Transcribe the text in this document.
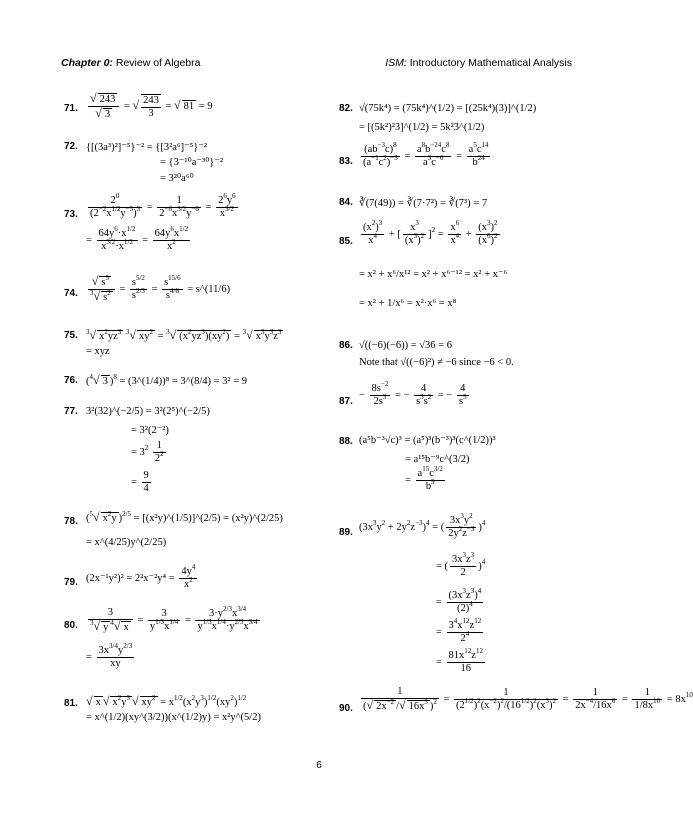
Chapter 0: Review of Algebra	ISM: Introductory Mathematical Analysis
71. $\frac{√ 243}{√ 3}$ = √ $\frac{243}{3}$ = √ 81 = 9
72. {[(3a³)²]⁻⁵}⁻² = {[3²a⁶]⁻⁵}⁻²
= {3⁻¹⁰a⁻³⁰}⁻²
= 3²⁰a⁶⁰
73. $\frac{2^0}{(2^{-2}x^{1/2}y^{-5})^3} = \frac{1}{2^{-6}x^{3/2}y^{-6}} = \frac{2^6y^6}{x^{3/2}}$
= $\frac{64y^6\cdot x^{1/2}}{x^{3/2}\cdot x^{1/2}} = \frac{64y^6x^{1/2}}{x^2}$
74. $\frac{√ s^5}{^3√ s^2} = \frac{s^{5/2}}{s^{2/3}} = \frac{s^{15/6}}{s^{4/6}}$ = s^(11/6)
75. $^3$√ $x^2yz^3$ $^3$√ $xy^2 = ^3√$ $(x^2yz^3)(xy^2) = ^3√$ $x^3y^3z^3$
= xyz
76. ($^4$√ 3 )$^8$ = (3^(1/4))⁸ = 3^(8/4) = 3² = 9
77. 3²(32)^(−2/5) = 3²(2⁵)^(−2/5)
= 3²(2⁻²)
= $3^2 \frac{1}{2^2}$
= $\frac{9}{4}$
78. ($^5$√ $x^2y$ )$^{2/5}$ = [(x²y)^(1/5)]^(2/5) = (x²y)^(2/25)
= x^(4/25)y^(2/25)
79. $(2x^{-1}y^2)^2 = 2^2x^{-2}y^4 = \frac{4y^4}{x^2}$
80. $\frac{3}{^3√ y ^4√ x} = \frac{3}{y^{1/3}x^{1/4}} = \frac{3\cdot y^{2/3}x^{3/4}}{y^{1/3}x^{1/4}\cdot y^{2/3}x^{3/4}}$
= $\frac{3x^{3/4}y^{2/3}}{xy}$
81. √ x √ $x^2y^3$ √ $xy^2 = x^{1/2}(x^2y^3)^{1/2}(xy^2)^{1/2}$
= x^(1/2)(xy^(3/2))(x^(1/2)y) = x²y^(5/2)
82. √(75k⁴) = (75k⁴)^(1/2) = [(25k⁴)(3)]^(1/2)
= [(5k²)²3]^(1/2) = 5k²3^(1/2)
83. $\frac{(ab^{-3}c)^8}{(a^{-1}c^2)^{-3}} = \frac{a^8b^{-24}c^8}{a^3c^{-6}} = \frac{a^5c^{14}}{b^{24}}$
84. ∛(7(49)) = ∛(7·7²) = ∛(7³) = 7
85. $\frac{(x^2)^3}{x^4}$ + [ $\frac{x^3}{(x^3)^2} ]^2 = \frac{x^6}{x^4} + \frac{(x^3)^2}{(x^6)^2}$
= x² + x⁶/x¹² = x² + x⁶⁻¹² = x² + x⁻⁶
= x² + 1/x⁶ = x²·x⁶ = x⁸
86. √((−6)(−6)) = √36 = 6
Note that √((−6)²) ≠ −6 since −6 < 0.
87.
− $\frac{8s^{-2}}{2s^3}$ = − $\frac{4}{s^3s^2}$ = − $\frac{4}{s^5}$
88. (a⁵b⁻³√c)³ = (a⁵)³(b⁻³)³(c^(1/2))³
= a¹⁵b⁻⁹c^(3/2)
= $\frac{a^{15}c^{3/2}}{b^9}$
89. $(3x^3y^2 + 2y^2z^{-3})^4$ = ( $\frac{3x^3y^2}{2y^2z^{-3}} )^4$
= ( $\frac{3x^3z^3}{2} )^4$
= $\frac{(3x^3z^3)^4}{(2)^4}$
= $\frac{3^4x^{12}z^{12}}{2^4}$
= $\frac{81x^{12}z^{12}}{16}$
90. $\frac{1}{(√ 2x^{-2} /√ 16x^3 )^2} = \frac{1}{(2^{1/2})^2(x^{-2})^2/(16^{1/2})^2(x^3)^2} = \frac{1}{2x^{-4}/16x^6} = \frac{1}{1/8x^{10}} = 8x^{10}$
6
